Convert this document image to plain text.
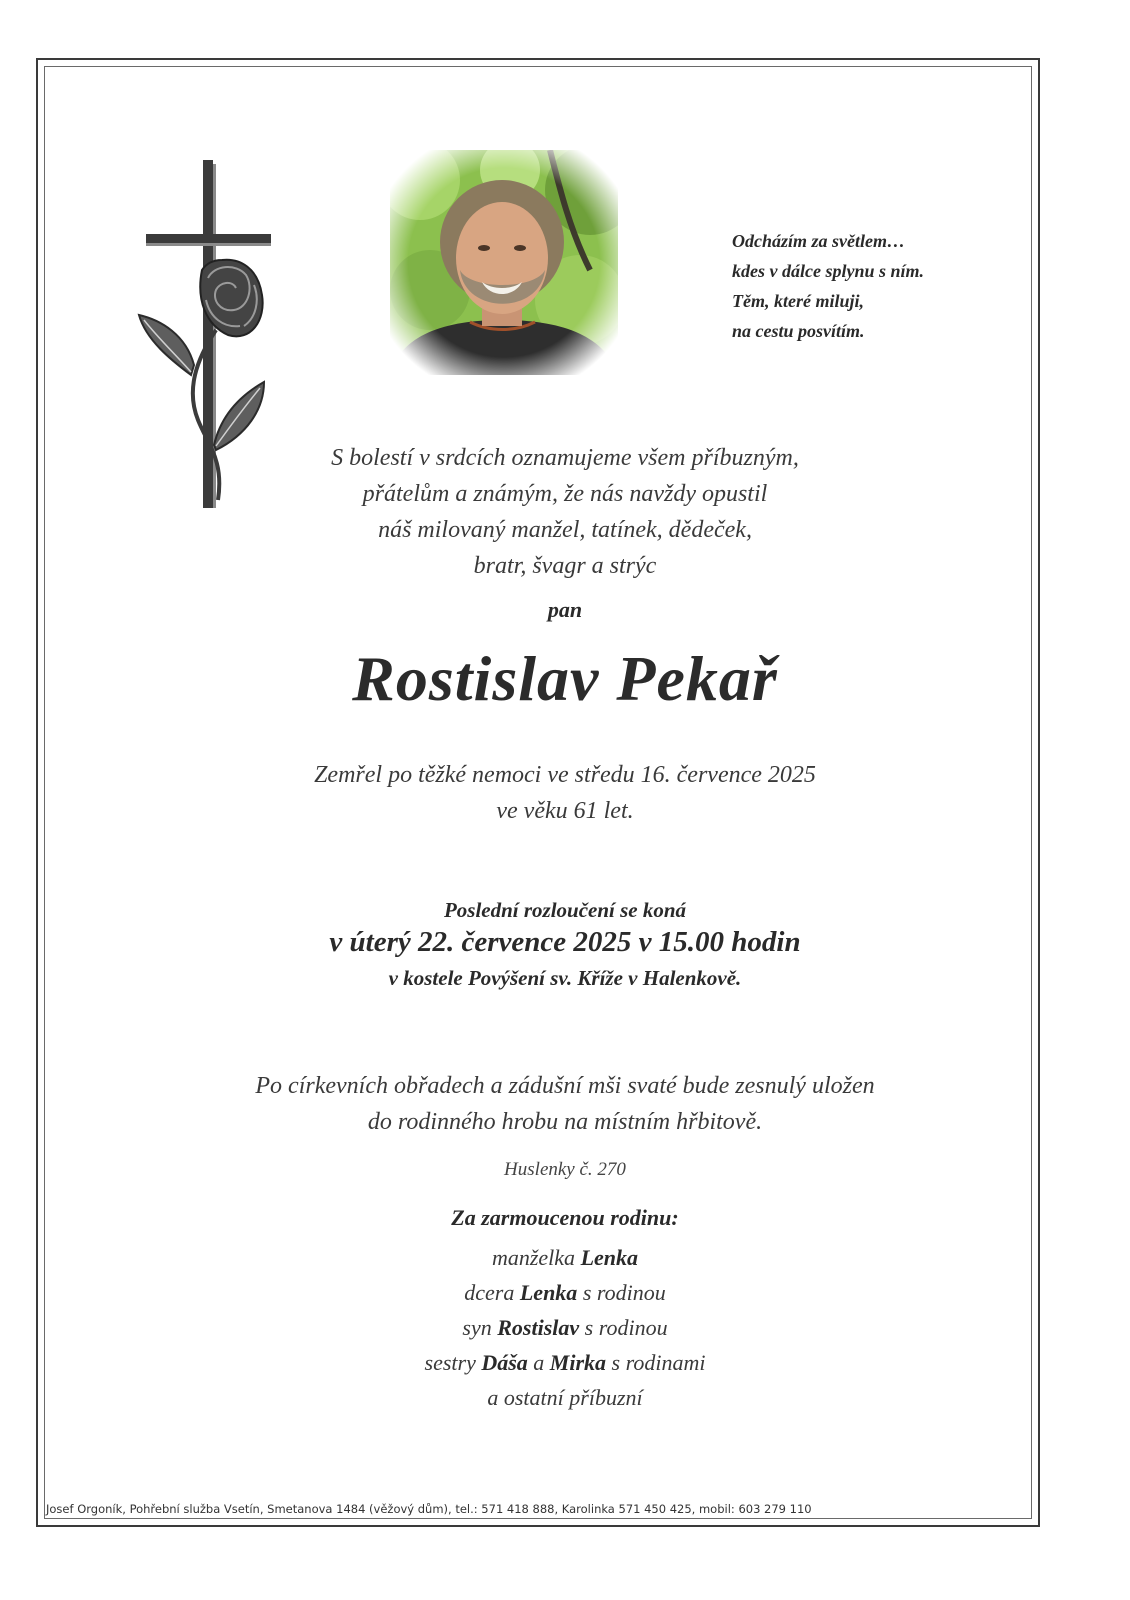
Odcházím za světlem…
kdes v dálce splynu s ním.
Těm, které miluji,
na cestu posvítím.
S bolestí v srdcích oznamujeme všem příbuzným,
přátelům a známým, že nás navždy opustil
náš milovaný manžel, tatínek, dědeček,
bratr, švagr a strýc
pan
Rostislav Pekař
Zemřel po těžké nemoci ve středu 16. července 2025
ve věku 61 let.
Poslední rozloučení se koná
v úterý 22. července 2025 v 15.00 hodin
v kostele Povýšení sv. Kříže v Halenkově.
Po církevních obřadech a zádušní mši svaté bude zesnulý uložen
do rodinného hrobu na místním hřbitově.
Huslenky č. 270
Za zarmoucenou rodinu:
manželka Lenka
dcera Lenka s rodinou
syn Rostislav s rodinou
sestry Dáša a Mirka s rodinami
a ostatní příbuzní
Josef Orgoník, Pohřební služba Vsetín, Smetanova 1484 (věžový dům), tel.: 571 418 888, Karolinka 571 450 425, mobil: 603 279 110
